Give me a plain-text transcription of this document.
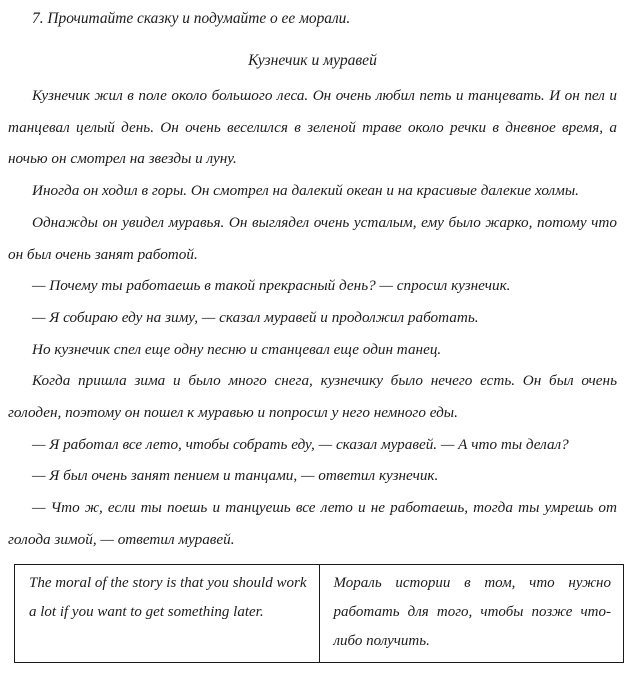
7. Прочитайте сказку и подумайте о ее морали.

Кузнечик и муравей

Кузнечик жил в поле около большого леса. Он очень любил петь и танцевать. И он пел и танцевал целый день. Он очень веселился в зеленой траве около речки в дневное время, а ночью он смотрел на звезды и луну.

Иногда он ходил в горы. Он смотрел на далекий океан и на красивые далекие холмы.

Однажды он увидел муравья. Он выглядел очень усталым, ему было жарко, потому что он был очень занят работой.

— Почему ты работаешь в такой прекрасный день? — спросил кузнечик.

— Я собираю еду на зиму, — сказал муравей и продолжил работать.

Но кузнечик спел еще одну песню и станцевал еще один танец.

Когда пришла зима и было много снега, кузнечику было нечего есть. Он был очень голоден, поэтому он пошел к муравью и попросил у него немного еды.

— Я работал все лето, чтобы собрать еду, — сказал муравей. — А что ты делал?

— Я был очень занят пением и танцами, — ответил кузнечик.

— Что ж, если ты поешь и танцуешь все лето и не работаешь, тогда ты умрешь от голода зимой, — ответил муравей.

The moral of the story is that you should work a lot if you want to get something later.	Мораль истории в том, что нужно работать для того, чтобы позже что-либо получить.
